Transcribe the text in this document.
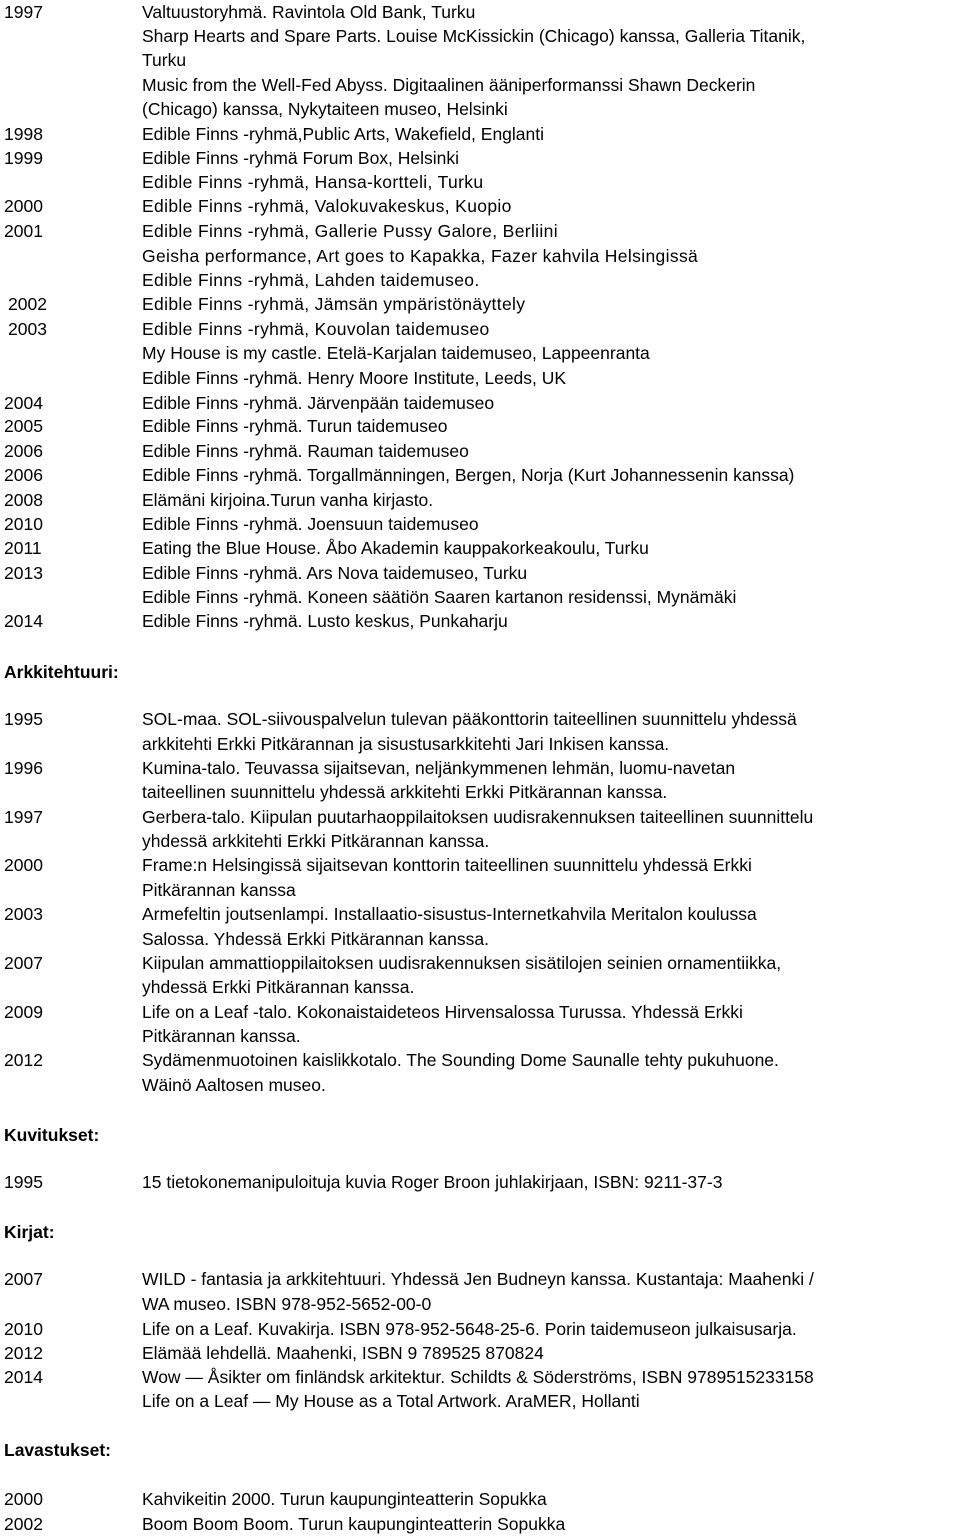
1997	Valtuustoryhmä. Ravintola Old Bank, Turku
Sharp Hearts and Spare Parts. Louise McKissickin (Chicago) kanssa, Galleria Titanik,
Turku
Music from the Well-Fed Abyss. Digitaalinen ääniperformanssi Shawn Deckerin
(Chicago) kanssa, Nykytaiteen museo, Helsinki
1998	Edible Finns -ryhmä,Public Arts, Wakefield, Englanti
1999	Edible Finns -ryhmä Forum Box, Helsinki
Edible Finns -ryhmä, Hansa-kortteli, Turku
2000	Edible Finns -ryhmä, Valokuvakeskus, Kuopio
2001	Edible Finns -ryhmä, Gallerie Pussy Galore, Berliini
Geisha performance, Art goes to Kapakka, Fazer kahvila Helsingissä
Edible Finns -ryhmä, Lahden taidemuseo.
2002	Edible Finns -ryhmä, Jämsän ympäristönäyttely
2003	Edible Finns -ryhmä, Kouvolan taidemuseo
My House is my castle. Etelä-Karjalan taidemuseo, Lappeenranta
Edible Finns -ryhmä. Henry Moore Institute, Leeds, UK
2004	Edible Finns -ryhmä. Järvenpään taidemuseo
2005	Edible Finns -ryhmä. Turun taidemuseo
2006	Edible Finns -ryhmä. Rauman taidemuseo
2006	Edible Finns -ryhmä. Torgallmänningen, Bergen, Norja (Kurt Johannessenin kanssa)
2008	Elämäni kirjoina.Turun vanha kirjasto.
2010	Edible Finns -ryhmä. Joensuun taidemuseo
2011	Eating the Blue House. Åbo Akademin kauppakorkeakoulu, Turku
2013	Edible Finns -ryhmä. Ars Nova taidemuseo, Turku
Edible Finns -ryhmä. Koneen säätiön Saaren kartanon residenssi, Mynämäki
2014	Edible Finns -ryhmä. Lusto keskus, Punkaharju
Arkkitehtuuri:
1995	SOL-maa. SOL-siivouspalvelun tulevan pääkonttorin taiteellinen suunnittelu yhdessä
arkkitehti Erkki Pitkärannan ja sisustusarkkitehti Jari Inkisen kanssa.
1996	Kumina-talo. Teuvassa sijaitsevan, neljänkymmenen lehmän, luomu-navetan
taiteellinen suunnittelu yhdessä arkkitehti Erkki Pitkärannan kanssa.
1997	Gerbera-talo. Kiipulan puutarhaoppilaitoksen uudisrakennuksen taiteellinen suunnittelu
yhdessä arkkitehti Erkki Pitkärannan kanssa.
2000	Frame:n Helsingissä sijaitsevan konttorin taiteellinen suunnittelu yhdessä Erkki
Pitkärannan kanssa
2003	Armefeltin joutsenlampi. Installaatio-sisustus-Internetkahvila Meritalon koulussa
Salossa. Yhdessä Erkki Pitkärannan kanssa.
2007	Kiipulan ammattioppilaitoksen uudisrakennuksen sisätilojen seinien ornamentiikka,
yhdessä Erkki Pitkärannan kanssa.
2009	Life on a Leaf -talo. Kokonaistaideteos Hirvensalossa Turussa. Yhdessä Erkki
Pitkärannan kanssa.
2012	Sydämenmuotoinen kaislikkotalo. The Sounding Dome Saunalle tehty pukuhuone.
Wäinö Aaltosen museo.
Kuvitukset:
1995	15 tietokonemanipuloituja kuvia Roger Broon juhlakirjaan, ISBN: 9211-37-3
Kirjat:
2007	WILD - fantasia ja arkkitehtuuri. Yhdessä Jen Budneyn kanssa. Kustantaja: Maahenki /
WA museo. ISBN 978-952-5652-00-0
2010	Life on a Leaf. Kuvakirja. ISBN 978-952-5648-25-6. Porin taidemuseon julkaisusarja.
2012	Elämää lehdellä. Maahenki, ISBN 9 789525 870824
2014	Wow — Åsikter om finländsk arkitektur. Schildts & Söderströms, ISBN 9789515233158
Life on a Leaf — My House as a Total Artwork. AraMER, Hollanti
Lavastukset:
2000	Kahvikeitin 2000. Turun kaupunginteatterin Sopukka
2002	Boom Boom Boom. Turun kaupunginteatterin Sopukka
